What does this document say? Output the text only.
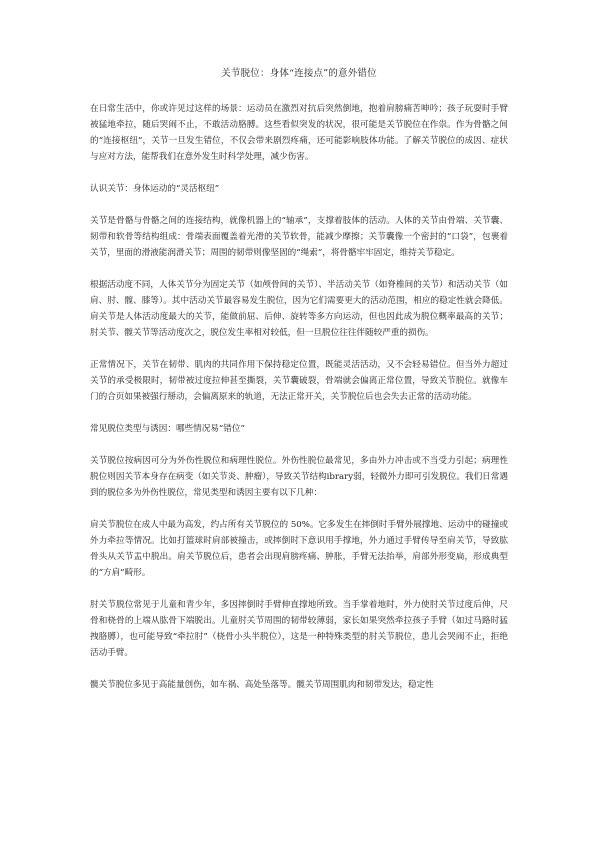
关节脱位：身体“连接点”的意外错位
在日常生活中，你或许见过这样的场景：运动员在激烈对抗后突然倒地，抱着肩膀痛苦呻吟；孩子玩耍时手臂被猛地牵拉，随后哭闹不止，不敢活动胳膊。这些看似突发的状况，很可能是关节脱位在作祟。作为骨骼之间的“连接枢纽”，关节一旦发生错位，不仅会带来剧烈疼痛，还可能影响肢体功能。了解关节脱位的成因、症状与应对方法，能帮我们在意外发生时科学处理，减少伤害。
认识关节：身体运动的“灵活枢纽”
关节是骨骼与骨骼之间的连接结构，就像机器上的“轴承”，支撑着肢体的活动。人体的关节由骨端、关节囊、韧带和软骨等结构组成：骨端表面覆盖着光滑的关节软骨，能减少摩擦；关节囊像一个密封的“口袋”，包裹着关节，里面的滑液能润滑关节；周围的韧带则像坚固的“绳索”，将骨骼牢牢固定，维持关节稳定。
根据活动度不同，人体关节分为固定关节（如颅骨间的关节）、半活动关节（如脊椎间的关节）和活动关节（如肩、肘、髋、膝等）。其中活动关节最容易发生脱位，因为它们需要更大的活动范围，相应的稳定性就会降低。肩关节是人体活动度最大的关节，能做前屈、后伸、旋转等多方向运动，但也因此成为脱位概率最高的关节；肘关节、髋关节等活动度次之，脱位发生率相对较低，但一旦脱位往往伴随较严重的损伤。
正常情况下，关节在韧带、肌肉的共同作用下保持稳定位置，既能灵活活动，又不会轻易错位。但当外力超过关节的承受极限时，韧带被过度拉伸甚至撕裂，关节囊破裂，骨端就会偏离正常位置，导致关节脱位。就像车门的合页如果被强行掰动，会偏离原来的轨道，无法正常开关，关节脱位后也会失去正常的活动功能。
常见脱位类型与诱因：哪些情况易“错位”
关节脱位按病因可分为外伤性脱位和病理性脱位。外伤性脱位最常见，多由外力冲击或不当受力引起；病理性脱位则因关节本身存在病变（如关节炎、肿瘤），导致关节结构ibrary弱，轻微外力即可引发脱位。我们日常遇到的脱位多为外伤性脱位，常见类型和诱因主要有以下几种：
肩关节脱位在成人中最为高发，约占所有关节脱位的 50%。它多发生在摔倒时手臂外展撑地、运动中的碰撞或外力牵拉等情况。比如打篮球时肩部被撞击，或摔倒时下意识用手撑地，外力通过手臂传导至肩关节，导致肱骨头从关节盂中脱出。肩关节脱位后，患者会出现肩膀疼痛、肿胀，手臂无法抬举，肩部外形变扁，形成典型的“方肩”畸形。
肘关节脱位常见于儿童和青少年，多因摔倒时手臂伸直撑地所致。当手掌着地时，外力使肘关节过度后伸，尺骨和桡骨的上端从肱骨下端脱出。儿童肘关节周围的韧带较薄弱，家长如果突然牵拉孩子手臂（如过马路时猛拽胳膊），也可能导致“牵拉肘”（桡骨小头半脱位），这是一种特殊类型的肘关节脱位，患儿会哭闹不止，拒绝活动手臂。
髋关节脱位多见于高能量创伤，如车祸、高处坠落等。髋关节周围肌肉和韧带发达，稳定性
